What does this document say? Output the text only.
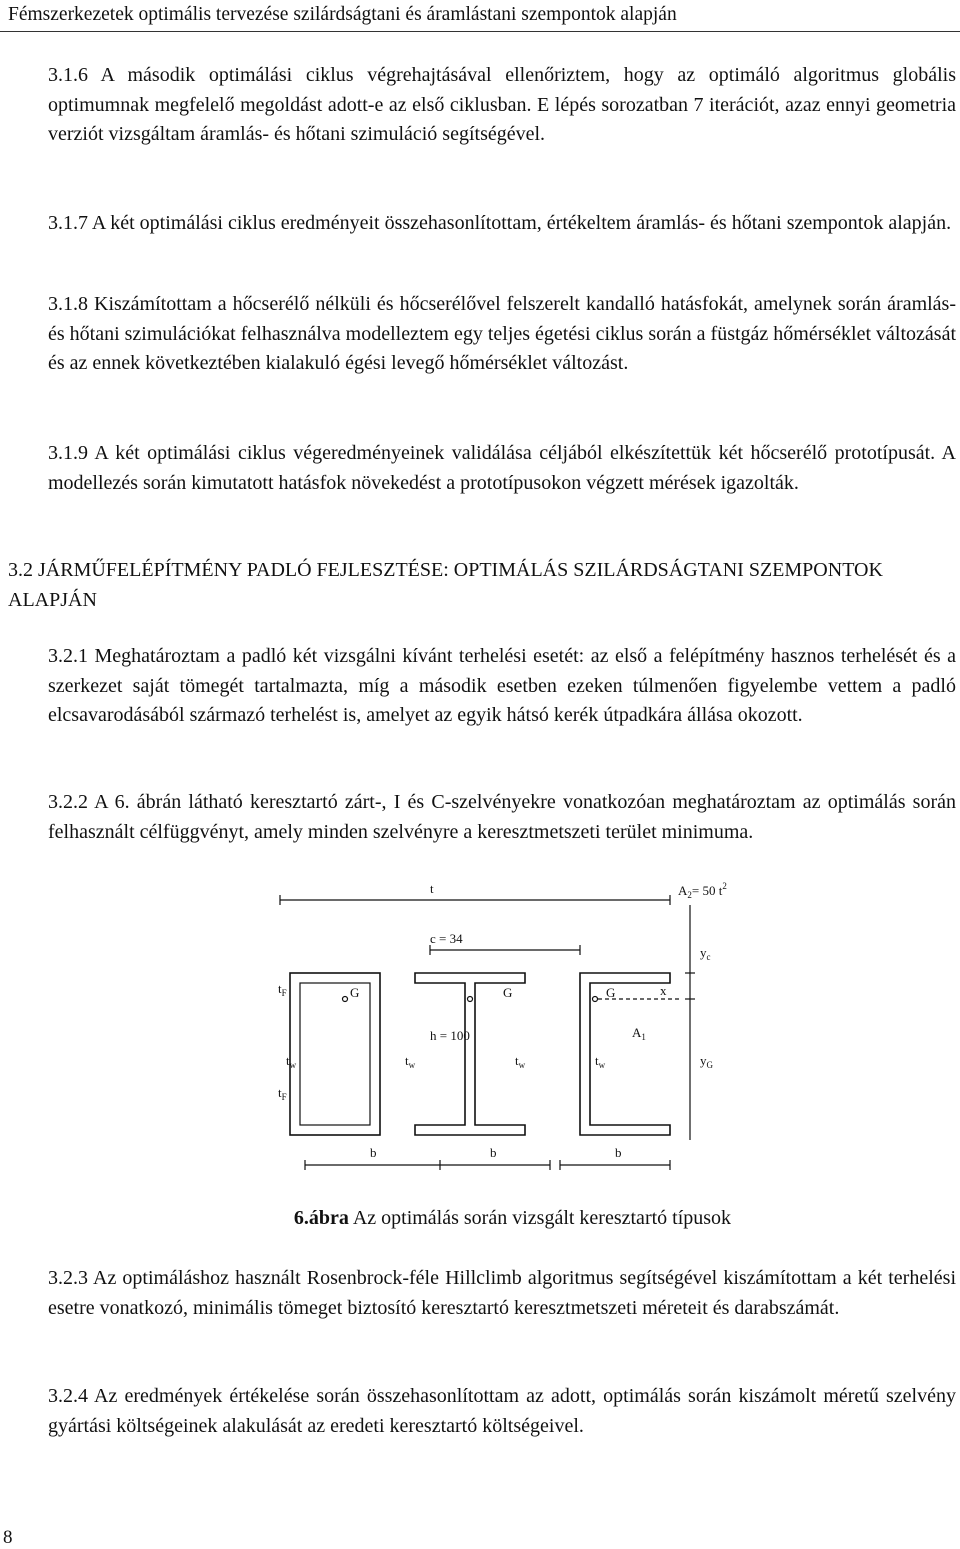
Fémszerkezetek optimális tervezése szilárdságtani és áramlástani szempontok alapján

3.1.6 A második optimálási ciklus végrehajtásával ellenőriztem, hogy az optimáló algoritmus globális optimumnak megfelelő megoldást adott-e az első ciklusban. E lépés sorozatban 7 iterációt, azaz ennyi geometria verziót vizsgáltam áramlás- és hőtani szimuláció segítségével.

3.1.7 A két optimálási ciklus eredményeit összehasonlítottam, értékeltem áramlás- és hőtani szempontok alapján.

3.1.8 Kiszámítottam a hőcserélő nélküli és hőcserélővel felszerelt kandalló hatásfokát, amelynek során áramlás- és hőtani szimulációkat felhasználva modelleztem egy teljes égetési ciklus során a füstgáz hőmérséklet változását és az ennek következtében kialakuló égési levegő hőmérséklet változást.

3.1.9 A két optimálási ciklus végeredményeinek validálása céljából elkészítettük két hőcserélő prototípusát. A modellezés során kimutatott hatásfok növekedést a prototípusokon végzett mérések igazolták.

3.2 JÁRMŰFELÉPÍTMÉNY PADLÓ FEJLESZTÉSE: OPTIMÁLÁS SZILÁRDSÁGTANI SZEMPONTOK ALAPJÁN

3.2.1 Meghatároztam a padló két vizsgálni kívánt terhelési esetét: az első a felépítmény hasznos terhelését és a szerkezet saját tömegét tartalmazta, míg a második esetben ezeken túlmenően figyelembe vettem a padló elcsavarodásából származó terhelést is, amelyet az egyik hátsó kerék útpadkára állása okozott.

3.2.2 A 6. ábrán látható keresztartó zárt-, I és C-szelvényekre vonatkozóan meghatároztam az optimálás során felhasznált célfüggvényt, amely minden szelvényre a keresztmetszeti terület minimuma.

t	$A_2= 50$ $t^2$
c = 34
$y_c$
$t_F$	G	G	G	x
h = 100	$A_1$
$t_w$	$t_w$	$t_w$	$t_w$	$y_G$
$t_F$
b	b	b
6.ábra Az optimálás során vizsgált keresztartó típusok

3.2.3 Az optimáláshoz használt Rosenbrock-féle Hillclimb algoritmus segítségével kiszámítottam a két terhelési esetre vonatkozó, minimális tömeget biztosító keresztartó keresztmetszeti méreteit és darabszámát.

3.2.4 Az eredmények értékelése során összehasonlítottam az adott, optimálás során kiszámolt méretű szelvény gyártási költségeinek alakulását az eredeti keresztartó költségeivel.

8
